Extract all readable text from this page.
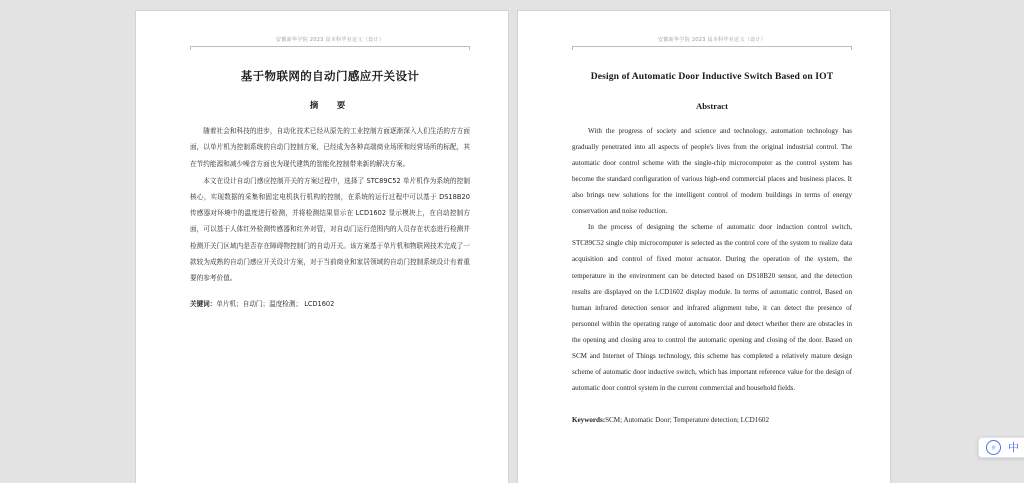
安徽新华学院 2023 届本科毕业论文（设计）
基于物联网的自动门感应开关设计
摘　要

随着社会和科技的进步，自动化技术已经从原先的工业控制方面逐渐深入人们生活的方方面面，以单片机为控制系统的自动门控制方案，已经成为各种高端商业场所和经营场所的标配，其在节约能源和减少噪音方面也为现代建筑的智能化控制带来新的解决方案。

本文在设计自动门感应控制开关的方案过程中，选择了 STC89C52 单片机作为系统的控制核心，实现数据的采集和固定电机执行机构的控制，在系统的运行过程中可以基于 DS18B20 传感器对环境中的温度进行检测，并将检测结果显示在 LCD1602 显示模块上，在自动控制方面，可以基于人体红外检测传感器和红外对管，对自动门运行范围内的人员存在状态进行检测并检测开关门区域内是否存在障碍物控制门的自动开关。该方案基于单片机和物联网技术完成了一款较为成熟的自动门感应开关设计方案，对于当前商业和家居领域的自动门控制系统设计有着重要的参考价值。

关键词：单片机；自动门；温度检测； LCD1602
安徽新华学院 2023 届本科毕业论文（设计）
Design of Automatic Door Inductive Switch Based on IOT
Abstract

With the progress of society and science and technology, automation technology has gradually penetrated into all aspects of people's lives from the original industrial control. The automatic door control scheme with the single-chip microcomputer as the control system has become the standard configuration of various high-end commercial places and business places. It also brings new solutions for the intelligent control of modern buildings in terms of energy conservation and noise reduction.

In the process of designing the scheme of automatic door induction control switch, STC89C52 single chip microcomputer is selected as the control core of the system to realize data acquisition and control of fixed motor actuator. During the operation of the system, the temperature in the environment can be detected based on DS18B20 sensor, and the detection results are displayed on the LCD1602 display module. In terms of automatic control, Based on human infrared detection sensor and infrared alignment tube, it can detect the presence of personnel within the operating range of automatic door and detect whether there are obstacles in the opening and closing area to control the automatic opening and closing of the door. Based on SCM and Internet of Things technology, this scheme has completed a relatively mature design scheme of automatic door inductive switch, which has important reference value for the design of automatic door control system in the current commercial and household fields.

Keywords:SCM; Automatic Door; Temperature detection; LCD1602
拼 中
